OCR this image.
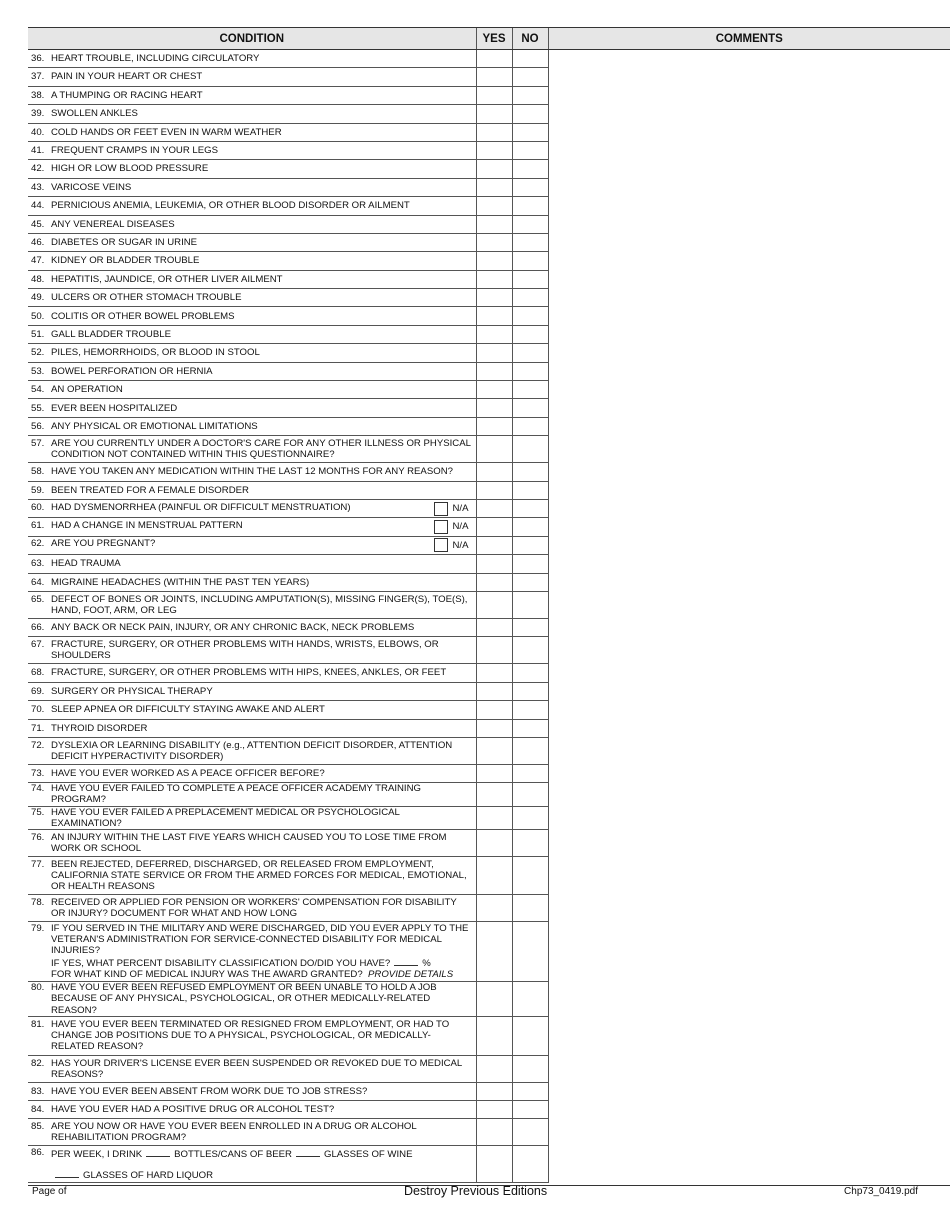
CONDITION	YES	NO	COMMENTS

36. HEART TROUBLE, INCLUDING CIRCULATORY			

37. PAIN IN YOUR HEART OR CHEST			

38. A THUMPING OR RACING HEART			

39. SWOLLEN ANKLES			

40. COLD HANDS OR FEET EVEN IN WARM WEATHER			

41. FREQUENT CRAMPS IN YOUR LEGS			

42. HIGH OR LOW BLOOD PRESSURE			

43. VARICOSE VEINS			

44. PERNICIOUS ANEMIA, LEUKEMIA, OR OTHER BLOOD DISORDER OR AILMENT			

45. ANY VENEREAL DISEASES			

46. DIABETES OR SUGAR IN URINE			

47. KIDNEY OR BLADDER TROUBLE			

48. HEPATITIS, JAUNDICE, OR OTHER LIVER AILMENT			

49. ULCERS OR OTHER STOMACH TROUBLE			

50. COLITIS OR OTHER BOWEL PROBLEMS			

51. GALL BLADDER TROUBLE			

52. PILES, HEMORRHOIDS, OR BLOOD IN STOOL			

53. BOWEL PERFORATION OR HERNIA			

54. AN OPERATION			

55. EVER BEEN HOSPITALIZED			

56. ANY PHYSICAL OR EMOTIONAL LIMITATIONS			

57. ARE YOU CURRENTLY UNDER A DOCTOR'S CARE FOR ANY OTHER ILLNESS OR PHYSICAL CONDITION NOT CONTAINED WITHIN THIS QUESTIONNAIRE?			

58. HAVE YOU TAKEN ANY MEDICATION WITHIN THE LAST 12 MONTHS FOR ANY REASON?			

59. BEEN TREATED FOR A FEMALE DISORDER			

60. N/A
HAD DYSMENORRHEA (PAINFUL OR DIFFICULT MENSTRUATION)			

61. N/A
HAD A CHANGE IN MENSTRUAL PATTERN			

62. N/A
ARE YOU PREGNANT?			

63. HEAD TRAUMA			

64. MIGRAINE HEADACHES (WITHIN THE PAST TEN YEARS)			

65. DEFECT OF BONES OR JOINTS, INCLUDING AMPUTATION(S), MISSING FINGER(S), TOE(S), HAND, FOOT, ARM, OR LEG			

66. ANY BACK OR NECK PAIN, INJURY, OR ANY CHRONIC BACK, NECK PROBLEMS			

67. FRACTURE, SURGERY, OR OTHER PROBLEMS WITH HANDS, WRISTS, ELBOWS, OR SHOULDERS			

68. FRACTURE, SURGERY, OR OTHER PROBLEMS WITH HIPS, KNEES, ANKLES, OR FEET			

69. SURGERY OR PHYSICAL THERAPY			

70. SLEEP APNEA OR DIFFICULTY STAYING AWAKE AND ALERT			

71. THYROID DISORDER			

72. DYSLEXIA OR LEARNING DISABILITY (e.g., ATTENTION DEFICIT DISORDER, ATTENTION DEFICIT HYPERACTIVITY DISORDER)			

73. HAVE YOU EVER WORKED AS A PEACE OFFICER BEFORE?			

74. HAVE YOU EVER FAILED TO COMPLETE A PEACE OFFICER ACADEMY TRAINING PROGRAM?			

75. HAVE YOU EVER FAILED A PREPLACEMENT MEDICAL OR PSYCHOLOGICAL EXAMINATION?			

76. AN INJURY WITHIN THE LAST FIVE YEARS WHICH CAUSED YOU TO LOSE TIME FROM WORK OR SCHOOL			

77. BEEN REJECTED, DEFERRED, DISCHARGED, OR RELEASED FROM EMPLOYMENT, CALIFORNIA STATE SERVICE OR FROM THE ARMED FORCES FOR MEDICAL, EMOTIONAL, OR HEALTH REASONS			

78. RECEIVED OR APPLIED FOR PENSION OR WORKERS' COMPENSATION FOR DISABILITY OR INJURY? DOCUMENT FOR WHAT AND HOW LONG			

79. IF YOU SERVED IN THE MILITARY AND WERE DISCHARGED, DID YOU EVER APPLY TO THE VETERAN'S ADMINISTRATION FOR SERVICE-CONNECTED DISABILITY FOR MEDICAL INJURIES?
IF YES, WHAT PERCENT DISABILITY CLASSIFICATION DO/DID YOU HAVE? %
FOR WHAT KIND OF MEDICAL INJURY WAS THE AWARD GRANTED? PROVIDE DETAILS			

80. HAVE YOU EVER BEEN REFUSED EMPLOYMENT OR BEEN UNABLE TO HOLD A JOB BECAUSE OF ANY PHYSICAL, PSYCHOLOGICAL, OR OTHER MEDICALLY-RELATED REASON?			

81. HAVE YOU EVER BEEN TERMINATED OR RESIGNED FROM EMPLOYMENT, OR HAD TO CHANGE JOB POSITIONS DUE TO A PHYSICAL, PSYCHOLOGICAL, OR MEDICALLY-RELATED REASON?			

82. HAS YOUR DRIVER'S LICENSE EVER BEEN SUSPENDED OR REVOKED DUE TO MEDICAL REASONS?			

83. HAVE YOU EVER BEEN ABSENT FROM WORK DUE TO JOB STRESS?			

84. HAVE YOU EVER HAD A POSITIVE DRUG OR ALCOHOL TEST?			

85. ARE YOU NOW OR HAVE YOU EVER BEEN ENROLLED IN A DRUG OR ALCOHOL REHABILITATION PROGRAM?			

86. PER WEEK, I DRINK BOTTLES/CANS OF BEER GLASSES OF WINE
GLASSES OF HARD LIQUOR			

Page of	Destroy Previous Editions	Chp73_0419.pdf
